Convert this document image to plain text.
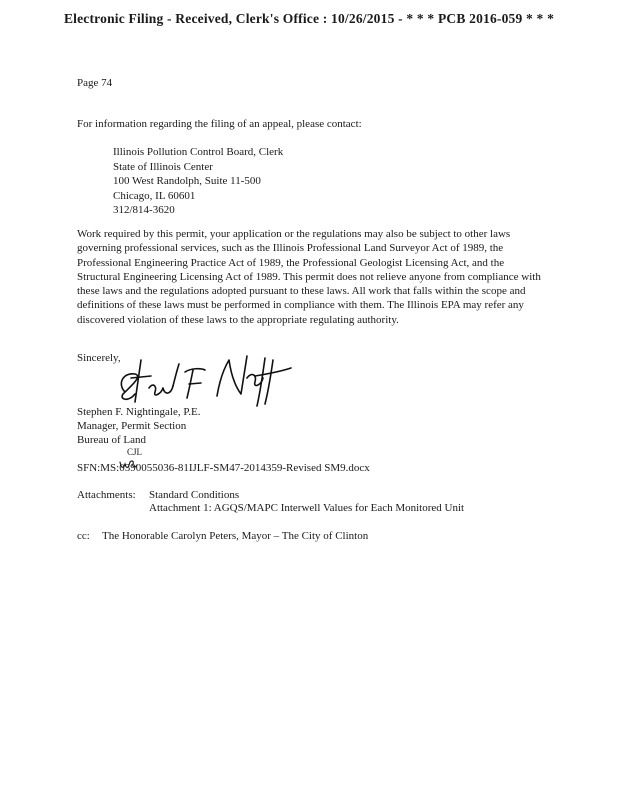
Electronic Filing - Received, Clerk's Office : 10/26/2015 - * * * PCB 2016-059 * * *
Page 74
For information regarding the filing of an appeal, please contact:
Illinois Pollution Control Board, Clerk
State of Illinois Center
100 West Randolph, Suite 11-500
Chicago, IL 60601
312/814-3620
Work required by this permit, your application or the regulations may also be subject to other laws governing professional services, such as the Illinois Professional Land Surveyor Act of 1989, the Professional Engineering Practice Act of 1989, the Professional Geologist Licensing Act, and the Structural Engineering Licensing Act of 1989. This permit does not relieve anyone from compliance with these laws and the regulations adopted pursuant to these laws. All work that falls within the scope and definitions of these laws must be performed in compliance with them. The Illinois EPA may refer any discovered violation of these laws to the appropriate regulating authority.
Sincerely,
Stephen F. Nightingale, P.E.
Manager, Permit Section
Bureau of Land
CJL
SFN:MS:0390055036-81IJLF-SM47-2014359-Revised SM9.docx
Attachments: Standard Conditions
Attachment 1: AGQS/MAPC Interwell Values for Each Monitored Unit
cc: The Honorable Carolyn Peters, Mayor – The City of Clinton
